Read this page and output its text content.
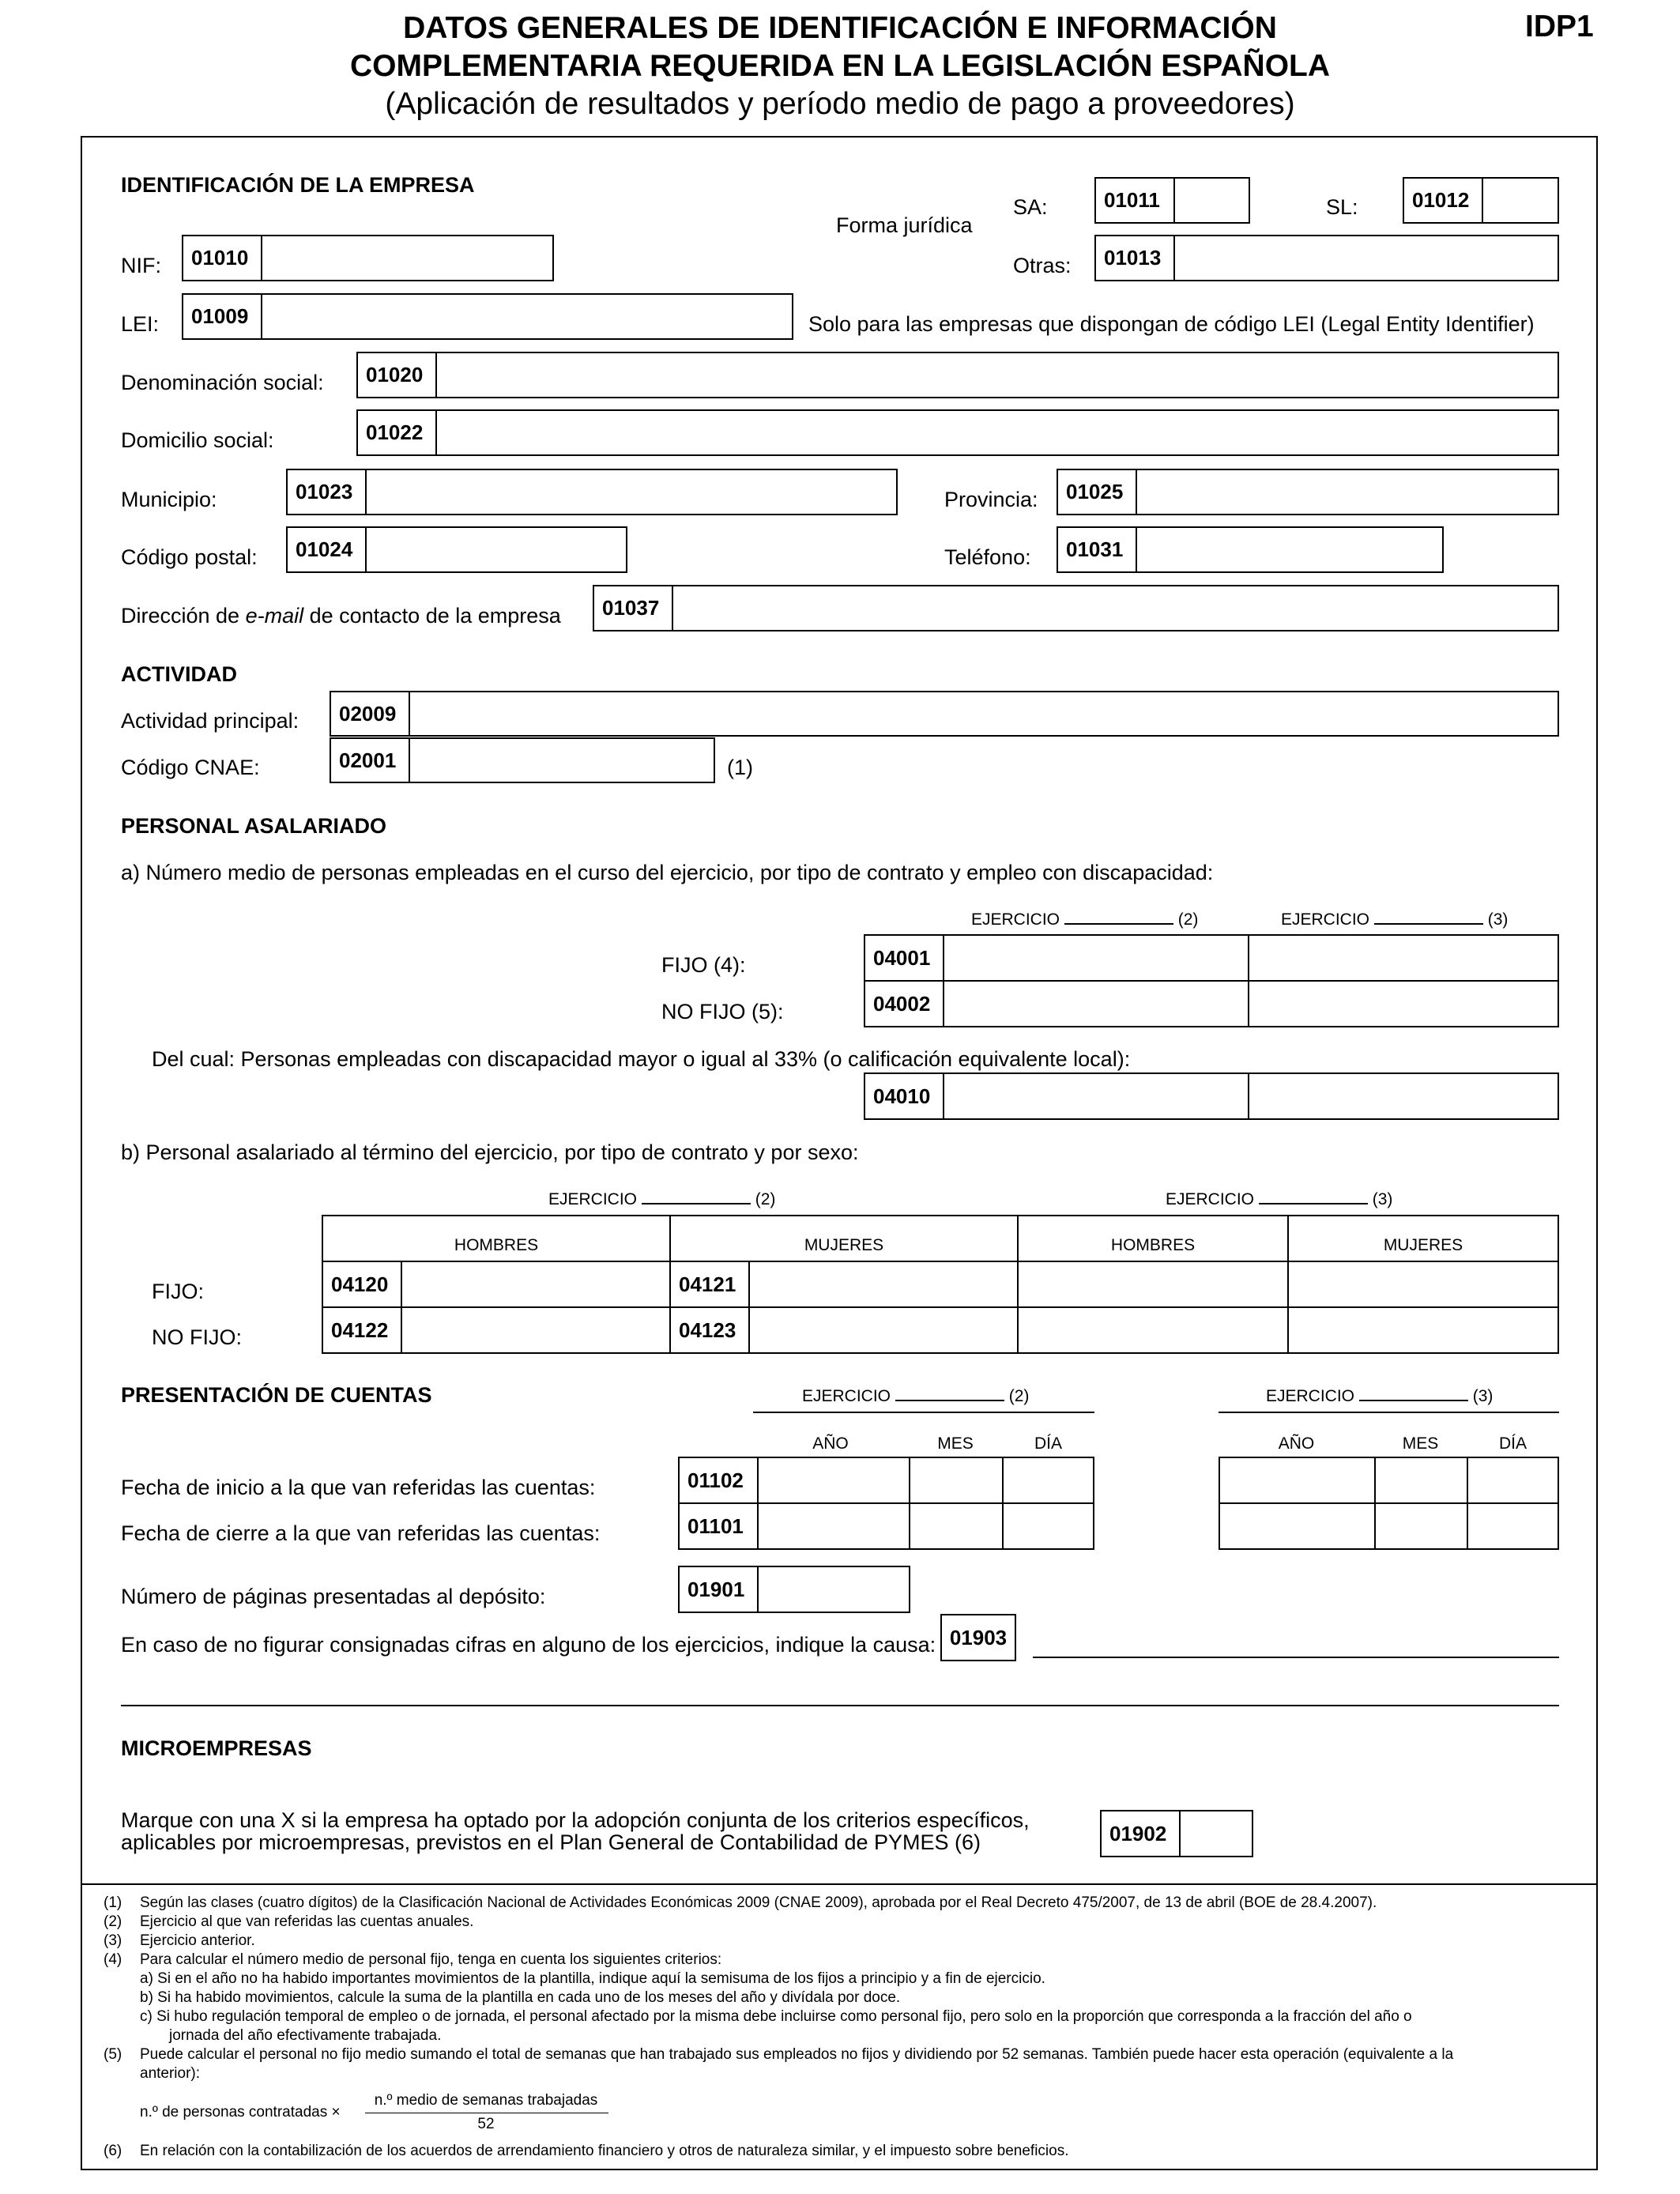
DATOS GENERALES DE IDENTIFICACIÓN E INFORMACIÓN
COMPLEMENTARIA REQUERIDA EN LA LEGISLACIÓN ESPAÑOLA
(Aplicación de resultados y período medio de pago a proveedores)
IDP1
IDENTIFICACIÓN DE LA EMPRESA
Forma jurídica
SA:	01011	SL:	01012
NIF:	01010	Otras:	01013
LEI:	01009	Solo para las empresas que dispongan de código LEI (Legal Entity Identifier)
Denominación social:	01020
Domicilio social:	01022
Municipio:	01023	Provincia:	01025
Código postal:	01024	Teléfono:	01031
Dirección de e-mail de contacto de la empresa	01037
ACTIVIDAD
Actividad principal:	02009
Código CNAE:	02001	(1)
PERSONAL ASALARIADO
a) Número medio de personas empleadas en el curso del ejercicio, por tipo de contrato y empleo con discapacidad:
EJERCICIO	(2)	EJERCICIO	(3)
FIJO (4):	04001
NO FIJO (5):	04002
Del cual: Personas empleadas con discapacidad mayor o igual al 33% (o calificación equivalente local):
04010
b) Personal asalariado al término del ejercicio, por tipo de contrato y por sexo:
EJERCICIO	(2)	EJERCICIO	(3)
HOMBRES	MUJERES	HOMBRES	MUJERES
FIJO:	04120	04121
NO FIJO:	04122	04123
PRESENTACIÓN DE CUENTAS	EJERCICIO	(2)	EJERCICIO	(3)
AÑO	MES	DÍA	AÑO	MES	DÍA
Fecha de inicio a la que van referidas las cuentas:	01102
Fecha de cierre a la que van referidas las cuentas:	01101
Número de páginas presentadas al depósito:	01901
En caso de no figurar consignadas cifras en alguno de los ejercicios, indique la causa: 01903
MICROEMPRESAS
Marque con una X si la empresa ha optado por la adopción conjunta de los criterios específicos,
aplicables por microempresas, previstos en el Plan General de Contabilidad de PYMES (6)	01902
(1) Según las clases (cuatro dígitos) de la Clasificación Nacional de Actividades Económicas 2009 (CNAE 2009), aprobada por el Real Decreto 475/2007, de 13 de abril (BOE de 28.4.2007).
(2) Ejercicio al que van referidas las cuentas anuales.
(3) Ejercicio anterior.
(4) Para calcular el número medio de personal fijo, tenga en cuenta los siguientes criterios:
a) Si en el año no ha habido importantes movimientos de la plantilla, indique aquí la semisuma de los fijos a principio y a fin de ejercicio.
b) Si ha habido movimientos, calcule la suma de la plantilla en cada uno de los meses del año y divídala por doce.
c) Si hubo regulación temporal de empleo o de jornada, el personal afectado por la misma debe incluirse como personal fijo, pero solo en la proporción que corresponda a la fracción del año o
jornada del año efectivamente trabajada.
(5) Puede calcular el personal no fijo medio sumando el total de semanas que han trabajado sus empleados no fijos y dividiendo por 52 semanas. También puede hacer esta operación (equivalente a la
anterior):
n.º de personas contratadas ×
n.º medio de semanas trabajadas
52
(6) En relación con la contabilización de los acuerdos de arrendamiento financiero y otros de naturaleza similar, y el impuesto sobre beneficios.
